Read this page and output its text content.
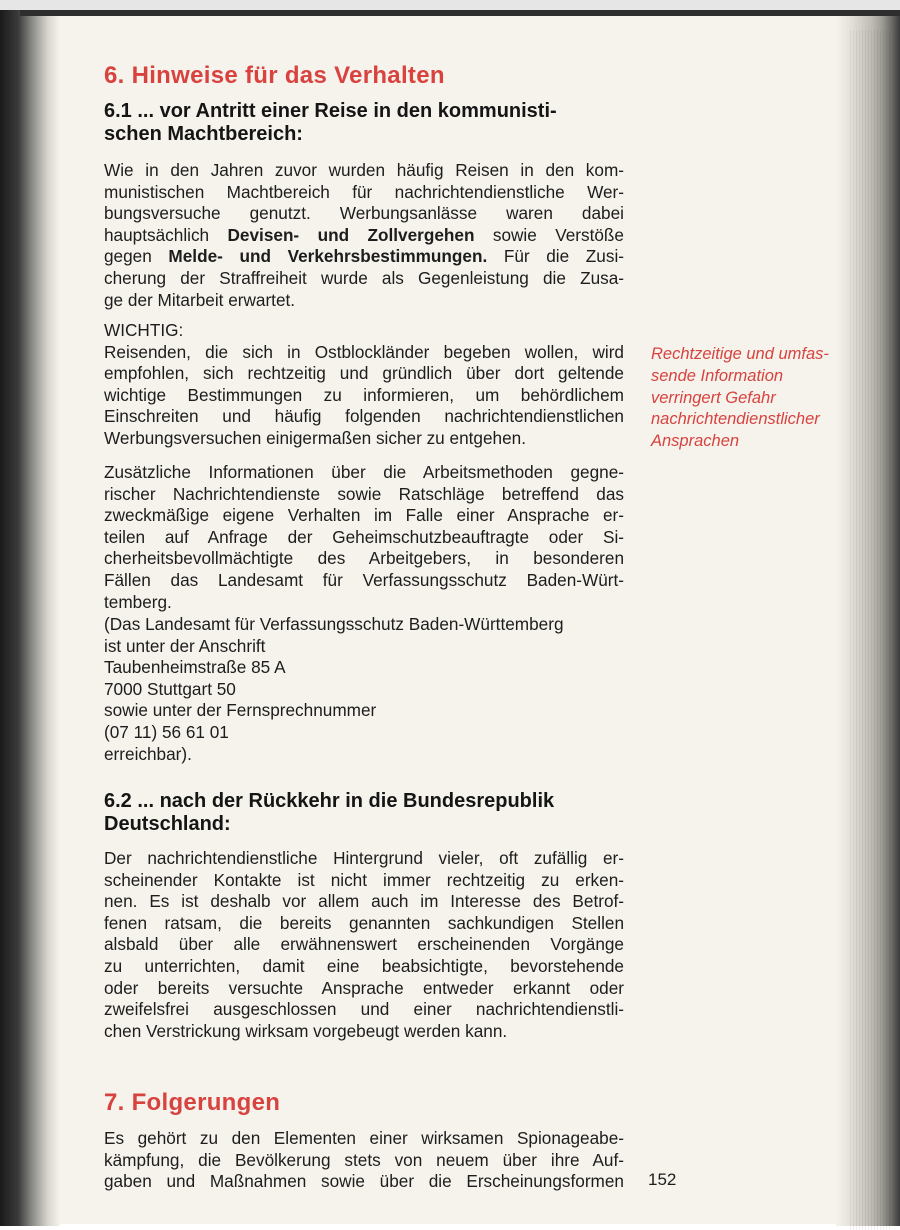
6. Hinweise für das Verhalten
6.1 ... vor Antritt einer Reise in den kommunisti-
schen Machtbereich:
Wie in den Jahren zuvor wurden häufig Reisen in den kom-
munistischen Machtbereich für nachrichtendienstliche Wer-
bungsversuche genutzt. Werbungsanlässe waren dabei
hauptsächlich Devisen- und Zollvergehen sowie Verstöße
gegen Melde- und Verkehrsbestimmungen. Für die Zusi-
cherung der Straffreiheit wurde als Gegenleistung die Zusa-
ge der Mitarbeit erwartet.
WICHTIG:
Reisenden, die sich in Ostblockländer begeben wollen, wird
empfohlen, sich rechtzeitig und gründlich über dort geltende
wichtige Bestimmungen zu informieren, um behördlichem
Einschreiten und häufig folgenden nachrichtendienstlichen
Werbungsversuchen einigermaßen sicher zu entgehen.
Rechtzeitige und umfas-
sende Information
verringert Gefahr
nachrichtendienstlicher
Ansprachen
Zusätzliche Informationen über die Arbeitsmethoden gegne-
rischer Nachrichtendienste sowie Ratschläge betreffend das
zweckmäßige eigene Verhalten im Falle einer Ansprache er-
teilen auf Anfrage der Geheimschutzbeauftragte oder Si-
cherheitsbevollmächtigte des Arbeitgebers, in besonderen
Fällen das Landesamt für Verfassungsschutz Baden-Würt-
temberg.
(Das Landesamt für Verfassungsschutz Baden-Württemberg
ist unter der Anschrift
Taubenheimstraße 85 A
7000 Stuttgart 50
sowie unter der Fernsprechnummer
(07 11) 56 61 01
erreichbar).
6.2 ... nach der Rückkehr in die Bundesrepublik
Deutschland:
Der nachrichtendienstliche Hintergrund vieler, oft zufällig er-
scheinender Kontakte ist nicht immer rechtzeitig zu erken-
nen. Es ist deshalb vor allem auch im Interesse des Betrof-
fenen ratsam, die bereits genannten sachkundigen Stellen
alsbald über alle erwähnenswert erscheinenden Vorgänge
zu unterrichten, damit eine beabsichtigte, bevorstehende
oder bereits versuchte Ansprache entweder erkannt oder
zweifelsfrei ausgeschlossen und einer nachrichtendienstli-
chen Verstrickung wirksam vorgebeugt werden kann.
7. Folgerungen
Es gehört zu den Elementen einer wirksamen Spionageabe-
kämpfung, die Bevölkerung stets von neuem über ihre Auf-
gaben und Maßnahmen sowie über die Erscheinungsformen 152
